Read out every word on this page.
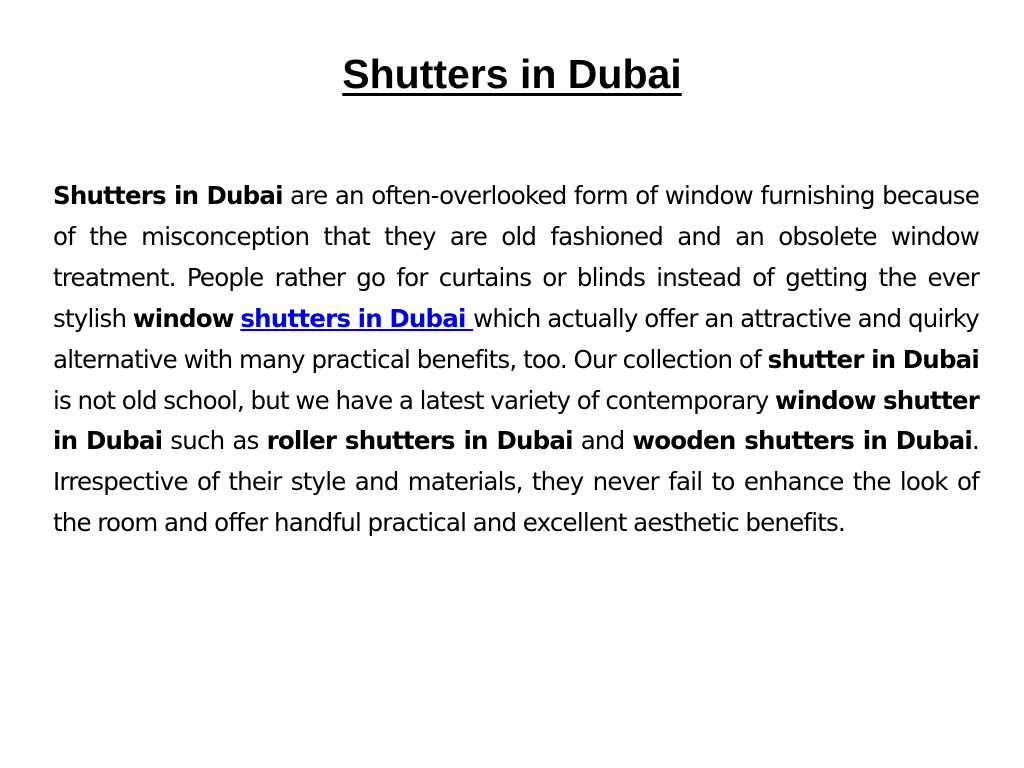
Shutters in Dubai

Shutters in Dubai are an often-overlooked form of window furnishing because of the misconception that they are old fashioned and an obsolete window treatment. People rather go for curtains or blinds instead of getting the ever stylish window shutters in Dubai which actually offer an attractive and quirky alternative with many practical benefits, too. Our collection of shutter in Dubai is not old school, but we have a latest variety of contemporary window shutter in Dubai such as roller shutters in Dubai and wooden shutters in Dubai. Irrespective of their style and materials, they never fail to enhance the look of the room and offer handful practical and excellent aesthetic benefits.
